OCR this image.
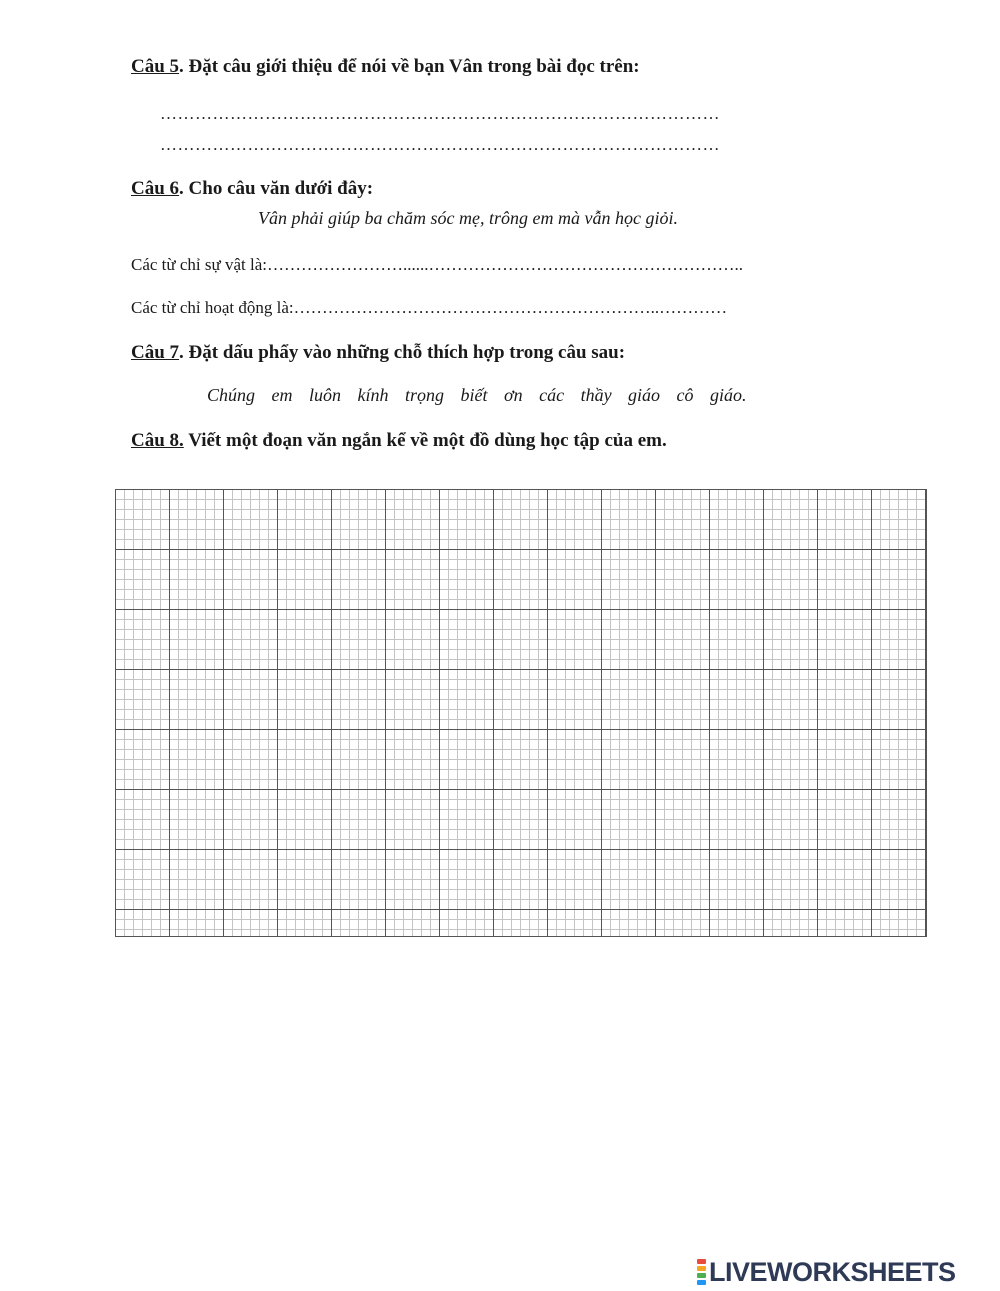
Câu 5. Đặt câu giới thiệu để nói về bạn Vân trong bài đọc trên:
……………………………………………………………………………………
……………………………………………………………………………………
Câu 6. Cho câu văn dưới đây:
Vân phải giúp ba chăm sóc mẹ, trông em mà vẫn học giỏi.
Các từ chỉ sự vật là:……………………......………………………………………………..
Các từ chỉ hoạt động là:………………………………………………………..…………
Câu 7. Đặt dấu phẩy vào những chỗ thích hợp trong câu sau:
Chúng em luôn kính trọng biết ơn các thầy giáo cô giáo.
Câu 8. Viết một đoạn văn ngắn kể về một đồ dùng học tập của em.
LIVEWORKSHEETS
